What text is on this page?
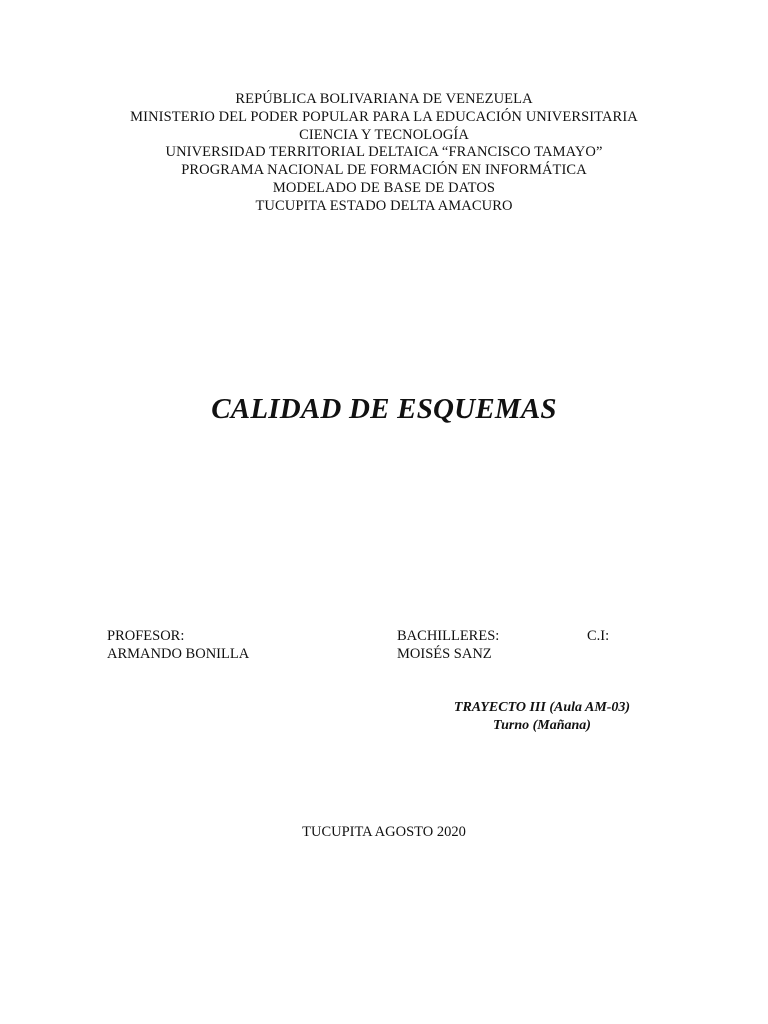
REPÚBLICA BOLIVARIANA DE VENEZUELA
MINISTERIO DEL PODER POPULAR PARA LA EDUCACIÓN UNIVERSITARIA
CIENCIA Y TECNOLOGÍA
UNIVERSIDAD TERRITORIAL DELTAICA “FRANCISCO TAMAYO”
PROGRAMA NACIONAL DE FORMACIÓN EN INFORMÁTICA
MODELADO DE BASE DE DATOS
TUCUPITA ESTADO DELTA AMACURO
CALIDAD DE ESQUEMAS
PROFESOR:
ARMANDO BONILLA
BACHILLERES:
MOISÉS SANZ
C.I:
TRAYECTO III (Aula AM-03)
Turno (Mañana)
TUCUPITA AGOSTO 2020
